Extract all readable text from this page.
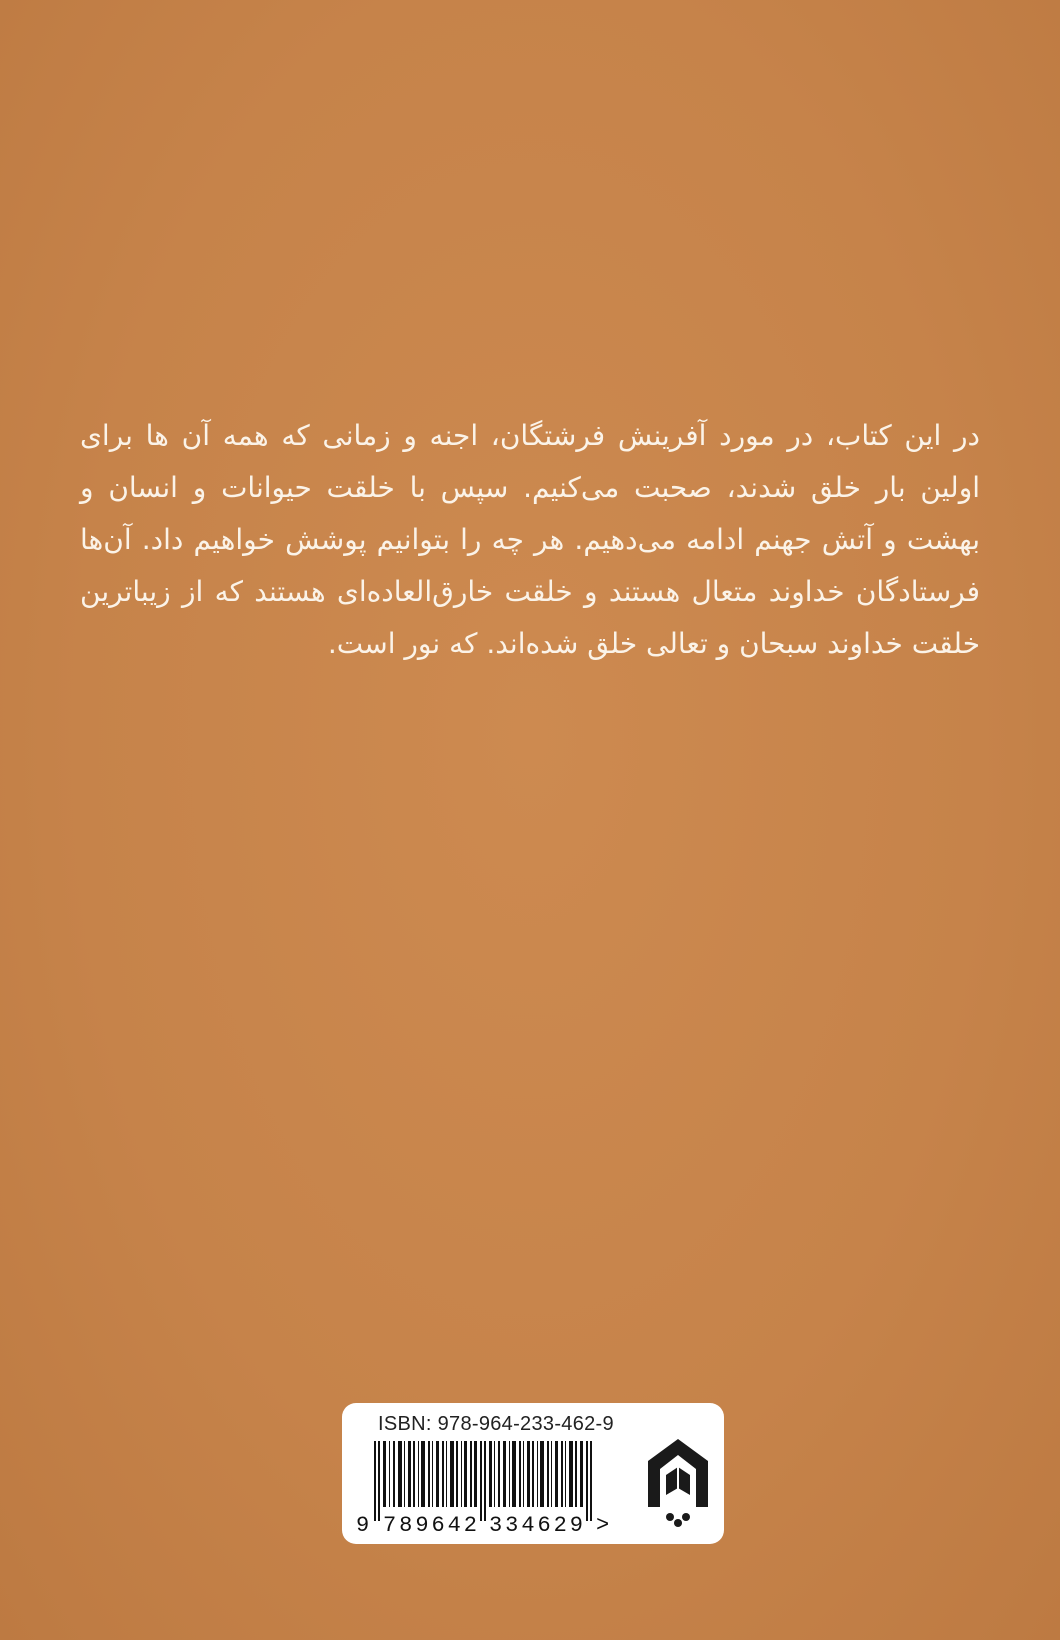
در این کتاب، در مورد آفرینش فرشتگان، اجنه و زمانی که همه آن ها برای اولین بار خلق شدند، صحبت می‌کنیم. سپس با خلقت حیوانات و انسان و بهشت و آتش جهنم ادامه می‌دهیم. هر چه را بتوانیم پوشش خواهیم داد. آن‌ها فرستادگان خداوند متعال هستند و خلقت خارق‌العاده‌ای هستند که از زیباترین خلقت خداوند سبحان و تعالی خلق شده‌اند. که نور است.
ISBN: 978-964-233-462-9
9 789642 334629 >
